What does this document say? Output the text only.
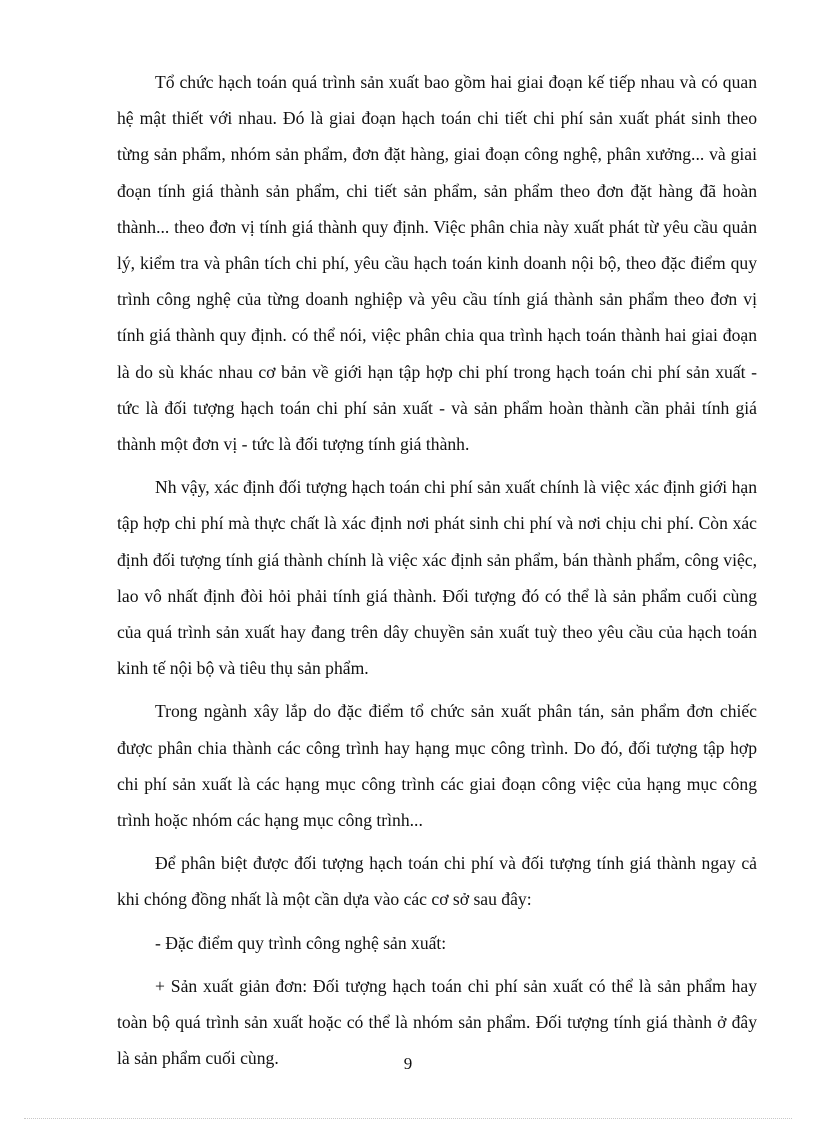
Tổ chức hạch toán quá trình sản xuất bao gồm hai giai đoạn kế tiếp nhau và có quan hệ mật thiết với nhau. Đó là giai đoạn hạch toán chi tiết chi phí sản xuất phát sinh theo từng sản phẩm, nhóm sản phẩm, đơn đặt hàng, giai đoạn công nghệ, phân xưởng... và giai đoạn tính giá thành sản phẩm, chi tiết sản phẩm, sản phẩm theo đơn đặt hàng đã hoàn thành... theo đơn vị tính giá thành quy định. Việc phân chia này xuất phát từ yêu cầu quản lý, kiểm tra và phân tích chi phí, yêu cầu hạch toán kinh doanh nội bộ, theo đặc điểm quy trình công nghệ của từng doanh nghiệp và yêu cầu tính giá thành sản phẩm theo đơn vị tính giá thành quy định. có thể nói, việc phân chia qua trình hạch toán thành hai giai đoạn là do sù khác nhau cơ bản về giới hạn tập hợp chi phí trong hạch toán chi phí sản xuất - tức là đối tượng hạch toán chi phí sản xuất - và sản phẩm hoàn thành cần phải tính giá thành một đơn vị - tức là đối tượng tính giá thành.

Nh vậy, xác định đối tượng hạch toán chi phí sản xuất chính là việc xác định giới hạn tập hợp chi phí mà thực chất là xác định nơi phát sinh chi phí và nơi chịu chi phí. Còn xác định đối tượng tính giá thành chính là việc xác định sản phẩm, bán thành phẩm, công việc, lao vô nhất định đòi hỏi phải tính giá thành. Đối tượng đó có thể là sản phẩm cuối cùng của quá trình sản xuất hay đang trên dây chuyền sản xuất tuỳ theo yêu cầu của hạch toán kinh tế nội bộ và tiêu thụ sản phẩm.

Trong ngành xây lắp do đặc điểm tổ chức sản xuất phân tán, sản phẩm đơn chiếc được phân chia thành các công trình hay hạng mục công trình. Do đó, đối tượng tập hợp chi phí sản xuất là các hạng mục công trình các giai đoạn công việc của hạng mục công trình hoặc nhóm các hạng mục công trình...

Để phân biệt được đối tượng hạch toán chi phí và đối tượng tính giá thành ngay cả khi chóng đồng nhất là một cần dựa vào các cơ sở sau đây:

- Đặc điểm quy trình công nghệ sản xuất:

+ Sản xuất giản đơn: Đối tượng hạch toán chi phí sản xuất có thể là sản phẩm hay toàn bộ quá trình sản xuất hoặc có thể là nhóm sản phẩm. Đối tượng tính giá thành ở đây là sản phẩm cuối cùng.	9
